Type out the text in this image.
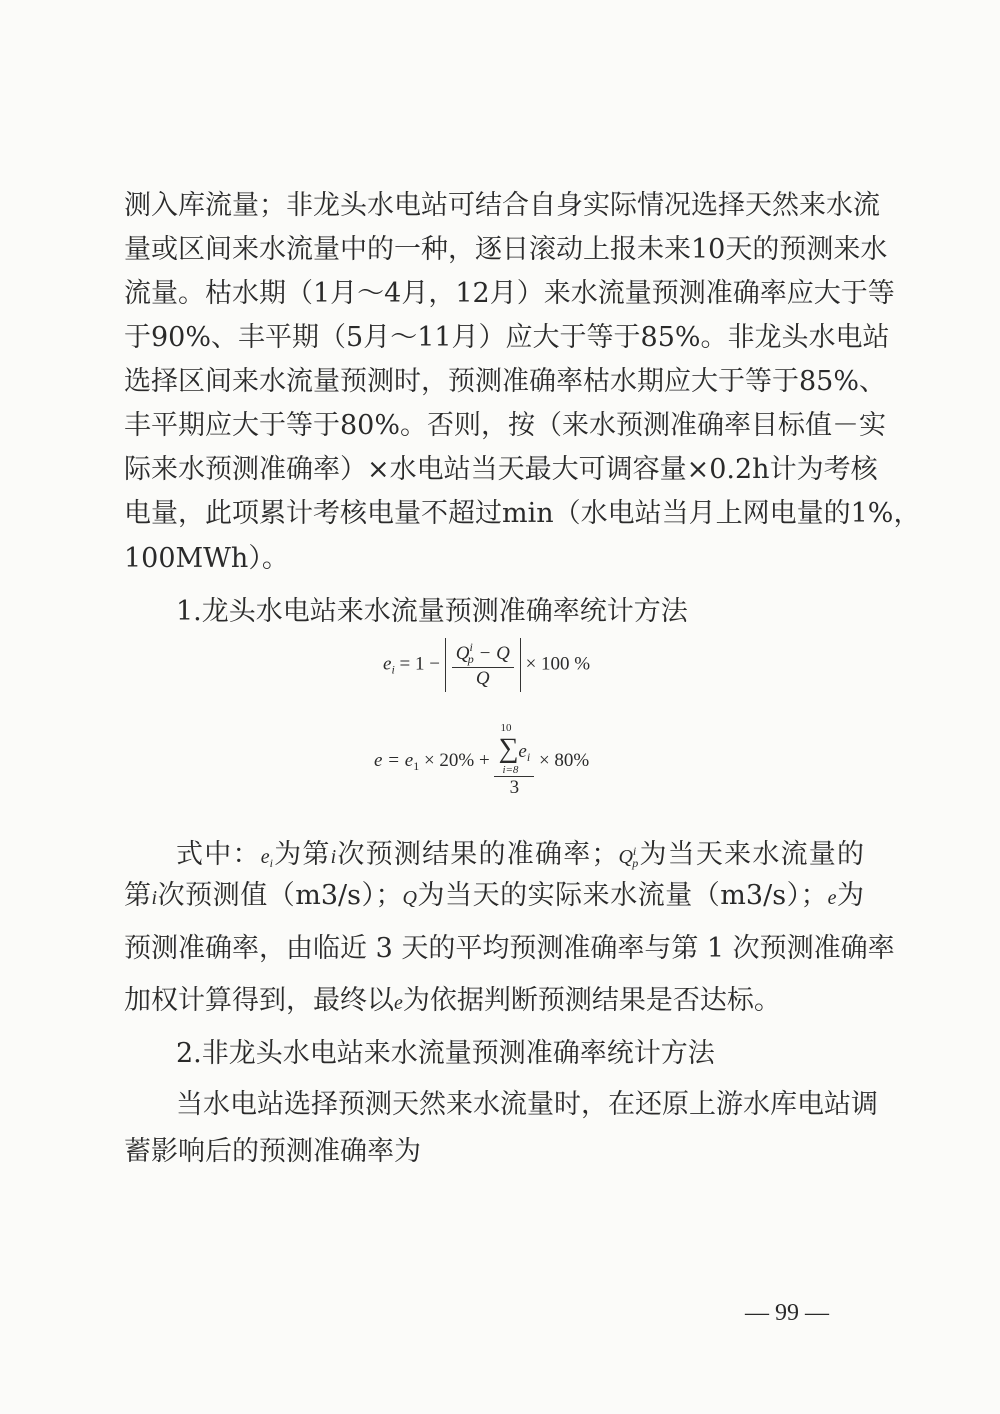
测入库流量；非龙头水电站可结合自身实际情况选择天然来水流
量或区间来水流量中的一种，逐日滚动上报未来10天的预测来水
流量。枯水期（1月～4月，12月）来水流量预测准确率应大于等
于90%、丰平期（5月～11月）应大于等于85%。非龙头水电站
选择区间来水流量预测时，预测准确率枯水期应大于等于85%、
丰平期应大于等于80%。否则，按（来水预测准确率目标值－实
际来水预测准确率）×水电站当天最大可调容量×0.2h计为考核
电量，此项累计考核电量不超过min（水电站当月上网电量的1%，
100MWh）。
1.龙头水电站来水流量预测准确率统计方法
$e_i = 1 - \frac{Q^i_p - Q}{Q} \times 100$ %
$e = e_1 \times 20\% + 10$
$\sum e_i$
i=8
3 × 80%
式中：$e_i$为第i次预测结果的准确率；$Q^i_p$为当天来水流量的
第i次预测值（m3/s）；Q为当天的实际来水流量（m3/s）；e为
预测准确率，由临近 3 天的平均预测准确率与第 1 次预测准确率
加权计算得到，最终以e为依据判断预测结果是否达标。
2.非龙头水电站来水流量预测准确率统计方法
当水电站选择预测天然来水流量时，在还原上游水库电站调
蓄影响后的预测准确率为
— 99 —
